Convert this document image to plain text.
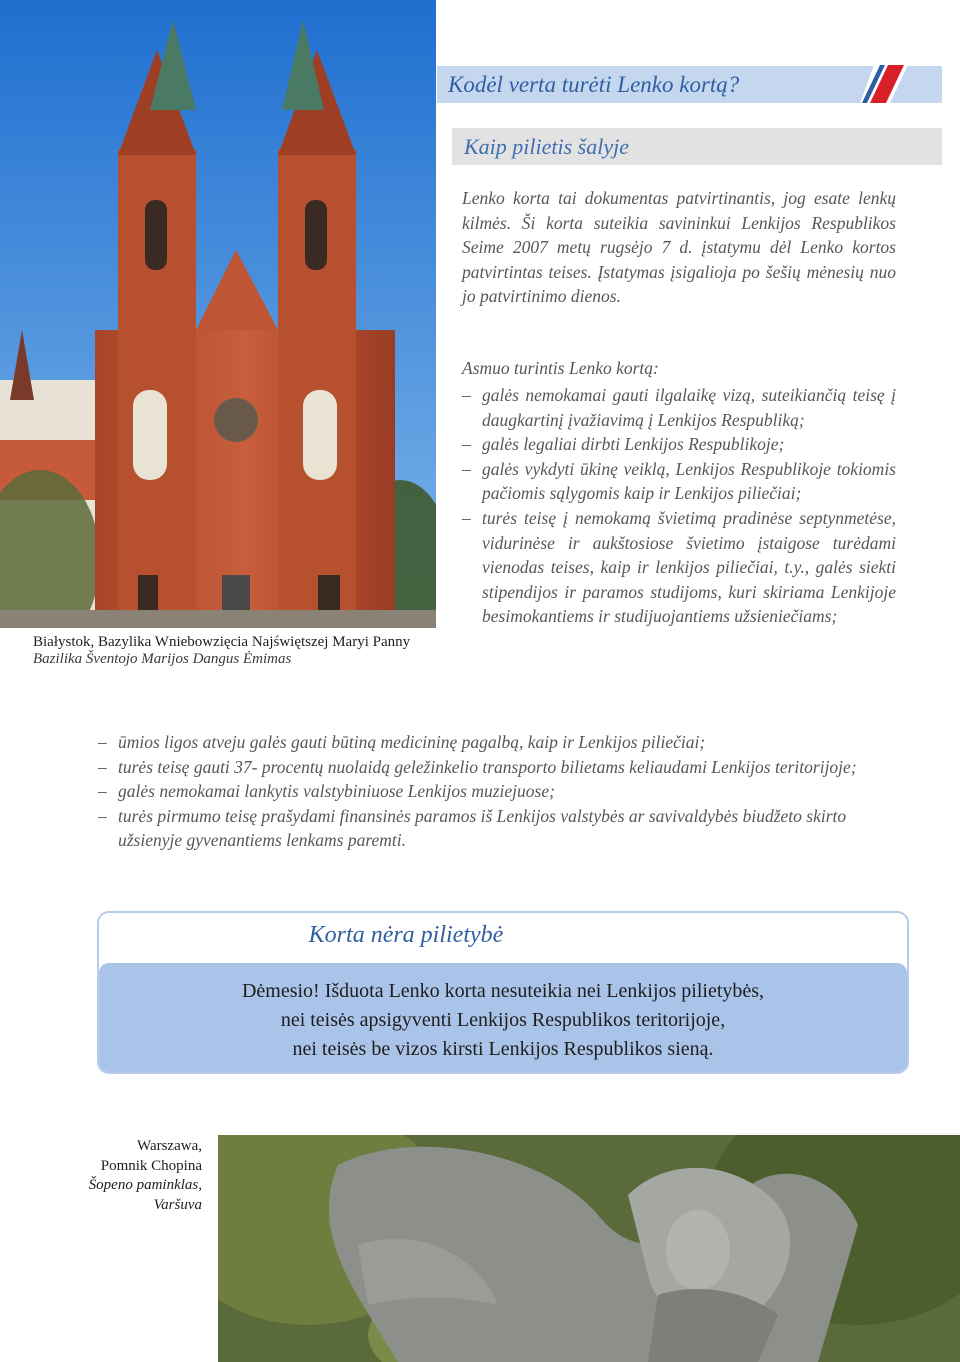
Białystok, Bazylika Wniebowzięcia Najświętszej Maryi Panny
Bazilika Šventojo Marijos Dangus Ėmimas
Kodėl verta turėti Lenko kortą?
Kaip pilietis šalyje
Lenko korta tai dokumentas patvirtinantis, jog esate lenkų kilmės. Ši korta suteikia savininkui Lenkijos Respublikos Seime 2007 metų rugsėjo 7 d. įstatymu dėl Lenko kortos patvirtintas teises. Įstatymas įsigalioja po šešių mėnesių nuo jo patvirtinimo dienos.
Asmuo turintis Lenko kortą:
– galės nemokamai gauti ilgalaikę vizą, suteikiančią teisę į daugkartinį įvažiavimą į Lenkijos Respubliką;
– galės legaliai dirbti Lenkijos Respublikoje;
– galės vykdyti ūkinę veiklą, Lenkijos Respublikoje tokiomis pačiomis sąlygomis kaip ir Lenkijos piliečiai;
– turės teisę į nemokamą švietimą pradinėse septynmetėse, vidurinėse ir aukštosiose švietimo įstaigose turėdami vienodas teises, kaip ir lenkijos piliečiai, t.y., galės siekti stipendijos ir paramos studijoms, kuri skiriama Lenkijoje besimokantiems ir studijuojantiems užsieniečiams;
– ūmios ligos atveju galės gauti būtiną medicininę pagalbą, kaip ir Lenkijos piliečiai;
– turės teisę gauti 37- procentų nuolaidą geležinkelio transporto bilietams keliaudami Lenkijos teritorijoje;
– galės nemokamai lankytis valstybiniuose Lenkijos muziejuose;
– turės pirmumo teisę prašydami finansinės paramos iš Lenkijos valstybės ar savivaldybės biudžeto skirto užsienyje gyvenantiems lenkams paremti.
Korta nėra pilietybė
Dėmesio! Išduota Lenko korta nesuteikia nei Lenkijos pilietybės,
nei teisės apsigyventi Lenkijos Respublikos teritorijoje,
nei teisės be vizos kirsti Lenkijos Respublikos sieną.
Warszawa,
Pomnik Chopina
Šopeno paminklas,
Varšuva
